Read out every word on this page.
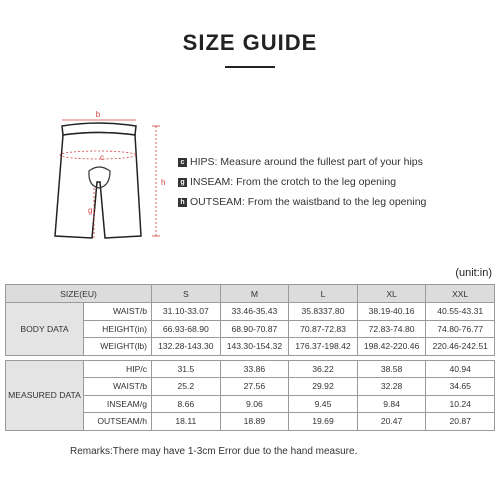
SIZE GUIDE
b
c
g
h
c HIPS:
Measure around the fullest part of your hips
g INSEAM:
From the crotch to the leg opening
h OUTSEAM:
From the waistband to the leg opening
(unit:in)
SIZE(EU)		S	M	L	XL	XXL
BODY DATA	WAIST/b	31.10-33.07	33.46-35.43	35.8337.80	38.19-40.16	40.55-43.31
	HEIGHT(in)	66.93-68.90	68.90-70.87	70.87-72.83	72.83-74.80	74.80-76.77
	WEIGHT(lb)	132.28-143.30	143.30-154.32	176.37-198.42	198.42-220.46	220.46-242.51

MEASURED DATA	HIP/c	31.5	33.86	36.22	38.58	40.94
	WAIST/b	25.2	27.56	29.92	32.28	34.65
	INSEAM/g	8.66	9.06	9.45	9.84	10.24
	OUTSEAM/h	18.11	18.89	19.69	20.47	20.87
Remarks:There may have 1-3cm Error due to the hand measure.
